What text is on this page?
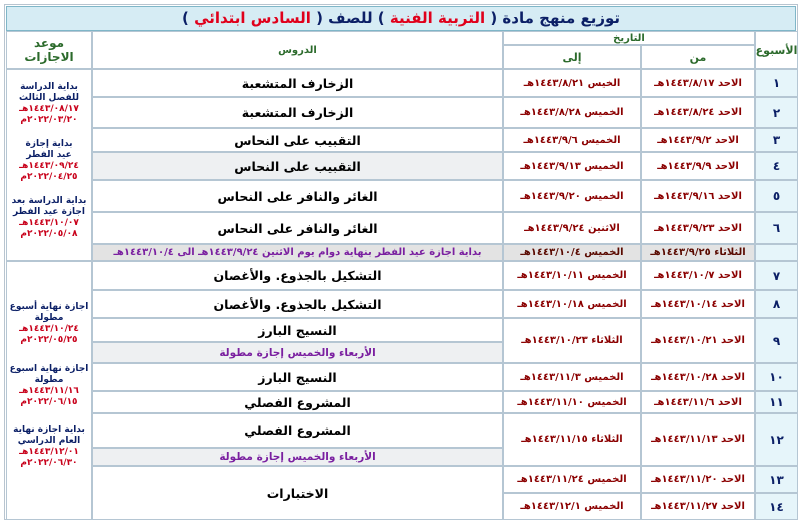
توزيع منهج مادة ( التربية الفنية ) للصف ( السادس ابتدائي )
الأسبوع
التاريخ
من
إلى
الدروس
موعد
الاجازات
١
الاحد ١٤٤٣/٨/١٧هـ
الخيس ١٤٤٣/٨/٢١هـ
الزخارف المتشعبة
٢
الاحد ١٤٤٣/٨/٢٤هـ
الخميس ١٤٤٣/٨/٢٨هـ
الزخارف المتشعبة
٣
الاحد ١٤٤٣/٩/٢هـ
الخميس ١٤٤٣/٩/٦هـ
التقبيب على النحاس
٤
الاحد ١٤٤٣/٩/٩هـ
الخميس ١٤٤٣/٩/١٣هـ
التقبيب على النحاس
٥
الاحد ١٤٤٣/٩/١٦هـ
الخميس ١٤٤٣/٩/٢٠هـ
الغائر والنافر على النحاس
٦
الاحد ١٤٤٣/٩/٢٣هـ
الاثنين ١٤٤٣/٩/٢٤هـ
الغائر والنافر على النحاس
٧
الاحد ١٤٤٣/١٠/٧هـ
الخميس ١٤٤٣/١٠/١١هـ
التشكيل بالجذوع. والأغصان
٨
الاحد ١٤٤٣/١٠/١٤هـ
الخميس ١٤٤٣/١٠/١٨هـ
التشكيل بالجذوع. والأغصان
٩
الاحد ١٤٤٣/١٠/٢١هـ
الثلاثاء ١٤٤٣/١٠/٢٣هـ
النسيج البارز
الأربعاء والخميس إجازة مطولة
١٠
الاحد ١٤٤٣/١٠/٢٨هـ
الخميس ١٤٤٣/١١/٣هـ
النسيج البارز
١١
الاحد ١٤٤٣/١١/٦هـ
الخميس ١٤٤٣/١١/١٠هـ
المشروع الفصلي
١٢
الاحد ١٤٤٣/١١/١٣هـ
الثلاثاء ١٤٤٣/١١/١٥هـ
المشروع الفصلي
الأربعاء والخميس إجازة مطولة
١٣
الاحد ١٤٤٣/١١/٢٠هـ
الخميس ١٤٤٣/١١/٢٤هـ
١٤
الاحد ١٤٤٣/١١/٢٧هـ
الخميس ١٤٤٣/١٢/١هـ
الاختبارات
الثلاثاء ١٤٤٣/٩/٢٥هـ
الخميس ١٤٤٣/١٠/٤هـ
بداية اجازة عيد الفطر بنهاية دوام يوم الاثنين ١٤٤٣/٩/٢٤هـ الى ١٤٤٣/١٠/٤هـ
بداية الدراسة
للفصل الثالث
١٤٤٣/٠٨/١٧هـ
٢٠٢٢/٠٣/٢٠م
بداية إجازة
عيد الفطر
١٤٤٣/٠٩/٢٤هـ
٢٠٢٢/٠٤/٢٥م
بداية الدراسة بعد
اجازة عيد الفطر
١٤٤٣/١٠/٠٧هـ
٢٠٢٢/٠٥/٠٨م
اجازة نهاية أسبوع
مطولة
١٤٤٣/١٠/٢٤هـ
٢٠٢٢/٠٥/٢٥م
اجازة نهاية اسبوع
مطولة
١٤٤٣/١١/١٦هـ
٢٠٢٢/٠٦/١٥م
بداية اجازة نهاية
العام الدراسي
١٤٤٣/١٢/٠١هـ
٢٠٢٢/٠٦/٣٠م
